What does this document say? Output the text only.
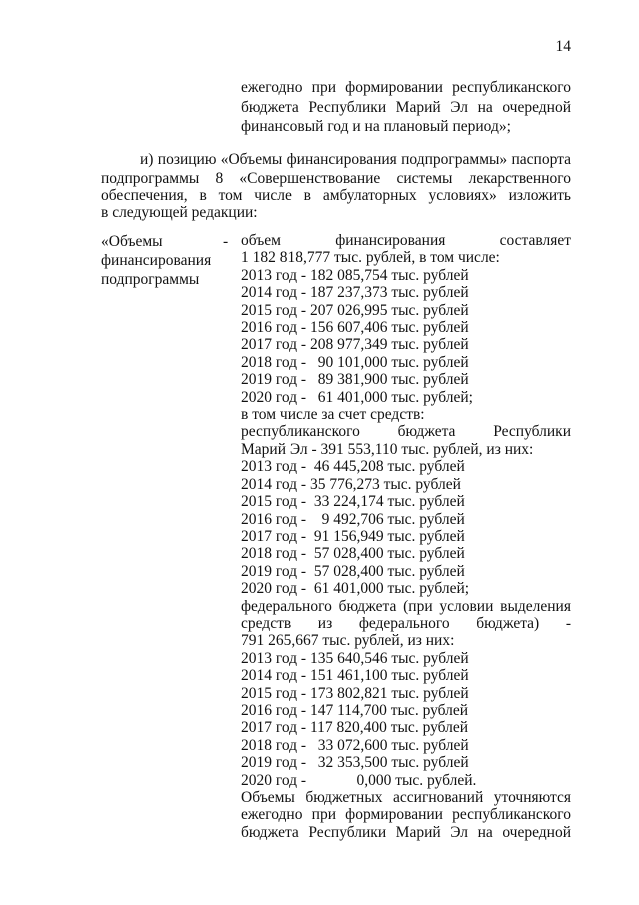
14
ежегодно при формировании республиканского
бюджета Республики Марий Эл на очередной
финансовый год и на плановый период»;
и) позицию «Объемы финансирования подпрограммы» паспорта
подпрограммы 8 «Совершенствование системы лекарственного
обеспечения, в том числе в амбулаторных условиях» изложить
в следующей редакции:
«Объемы
финансирования
подпрограммы
- объем финансирования составляет
1 182 818,777 тыс. рублей, в том числе:
2013 год - 182 085,754 тыс. рублей
2014 год - 187 237,373 тыс. рублей
2015 год - 207 026,995 тыс. рублей
2016 год - 156 607,406 тыс. рублей
2017 год - 208 977,349 тыс. рублей
2018 год -   90 101,000 тыс. рублей
2019 год -   89 381,900 тыс. рублей
2020 год -   61 401,000 тыс. рублей;
в том числе за счет средств:
республиканского бюджета Республики
Марий Эл - 391 553,110 тыс. рублей, из них:
2013 год -  46 445,208 тыс. рублей
2014 год - 35 776,273 тыс. рублей
2015 год -  33 224,174 тыс. рублей
2016 год -    9 492,706 тыс. рублей
2017 год -  91 156,949 тыс. рублей
2018 год -  57 028,400 тыс. рублей
2019 год -  57 028,400 тыс. рублей
2020 год -  61 401,000 тыс. рублей;
федерального бюджета (при условии выделения
средств из федерального бюджета) -
791 265,667 тыс. рублей, из них:
2013 год - 135 640,546 тыс. рублей
2014 год - 151 461,100 тыс. рублей
2015 год - 173 802,821 тыс. рублей
2016 год - 147 114,700 тыс. рублей
2017 год - 117 820,400 тыс. рублей
2018 год -   33 072,600 тыс. рублей
2019 год -   32 353,500 тыс. рублей
2020 год -             0,000 тыс. рублей.
Объемы бюджетных ассигнований уточняются
ежегодно при формировании республиканского
бюджета Республики Марий Эл на очередной
